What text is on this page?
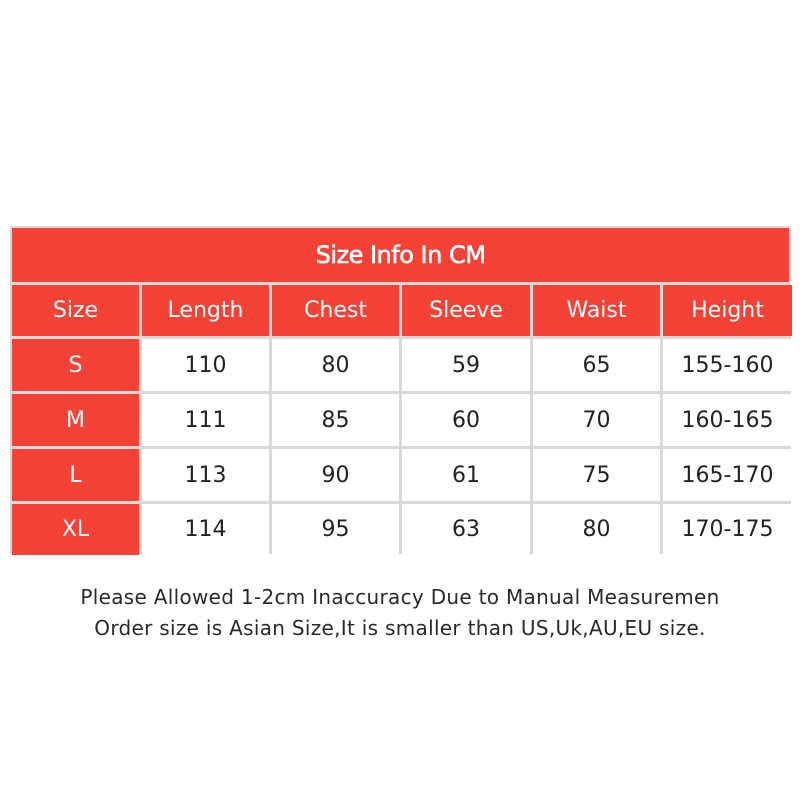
Size Info In CM
Size	Length	Chest	Sleeve	Waist	Height
S	110	80	59	65	155-160
M	111	85	60	70	160-165
L	113	90	61	75	165-170
XL	114	95	63	80	170-175
Please Allowed 1-2cm Inaccuracy Due to Manual Measuremen
Order size is Asian Size,It is smaller than US,Uk,AU,EU size.
